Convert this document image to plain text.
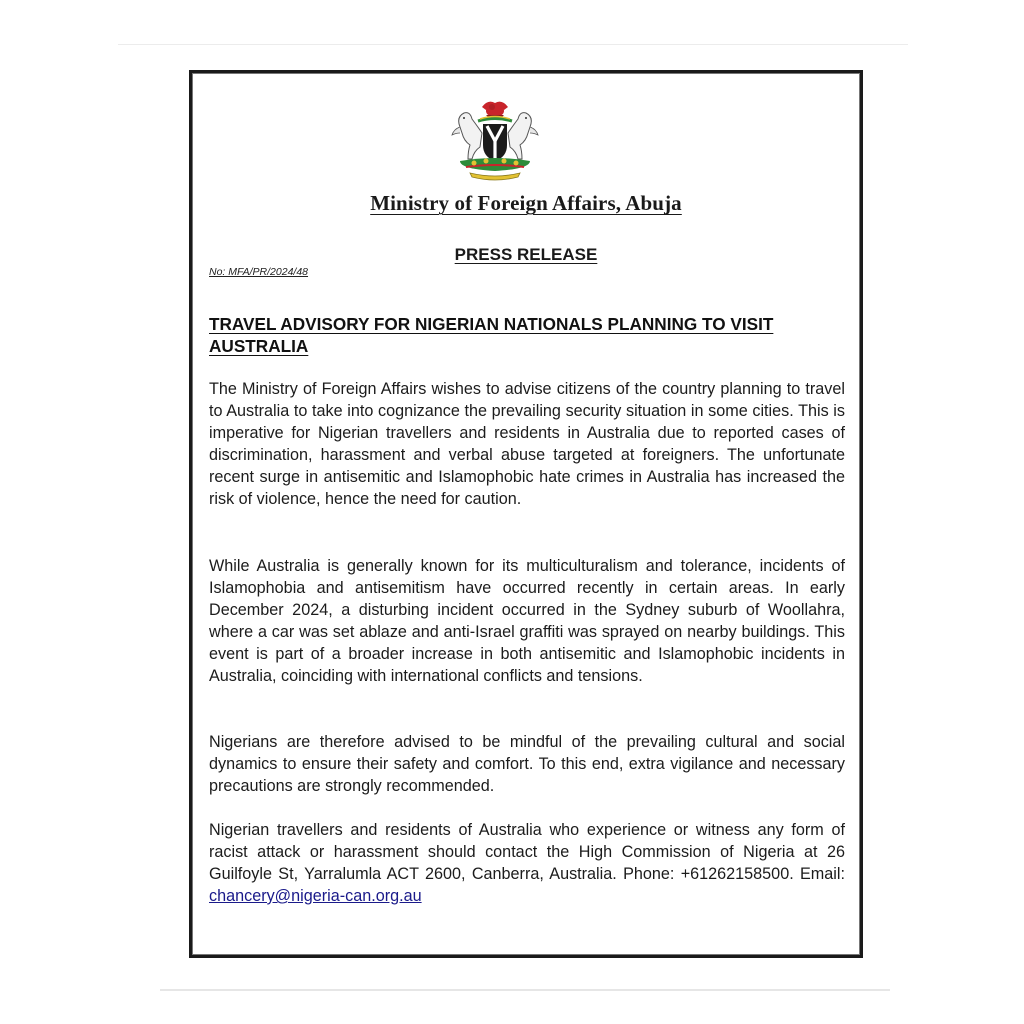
Ministry of Foreign Affairs, Abuja
PRESS RELEASE
No: MFA/PR/2024/48
TRAVEL ADVISORY FOR NIGERIAN NATIONALS PLANNING TO VISIT AUSTRALIA

The Ministry of Foreign Affairs wishes to advise citizens of the country planning to travel to Australia to take into cognizance the prevailing security situation in some cities. This is imperative for Nigerian travellers and residents in Australia due to reported cases of discrimination, harassment and verbal abuse targeted at foreigners. The unfortunate recent surge in antisemitic and Islamophobic hate crimes in Australia has increased the risk of violence, hence the need for caution.

While Australia is generally known for its multiculturalism and tolerance, incidents of Islamophobia and antisemitism have occurred recently in certain areas. In early December 2024, a disturbing incident occurred in the Sydney suburb of Woollahra, where a car was set ablaze and anti-Israel graffiti was sprayed on nearby buildings. This event is part of a broader increase in both antisemitic and Islamophobic incidents in Australia, coinciding with international conflicts and tensions.

Nigerians are therefore advised to be mindful of the prevailing cultural and social dynamics to ensure their safety and comfort. To this end, extra vigilance and necessary precautions are strongly recommended.

Nigerian travellers and residents of Australia who experience or witness any form of racist attack or harassment should contact the High Commission of Nigeria at 26 Guilfoyle St, Yarralumla ACT 2600, Canberra, Australia. Phone: +61262158500. Email: chancery@nigeria-can.org.au
